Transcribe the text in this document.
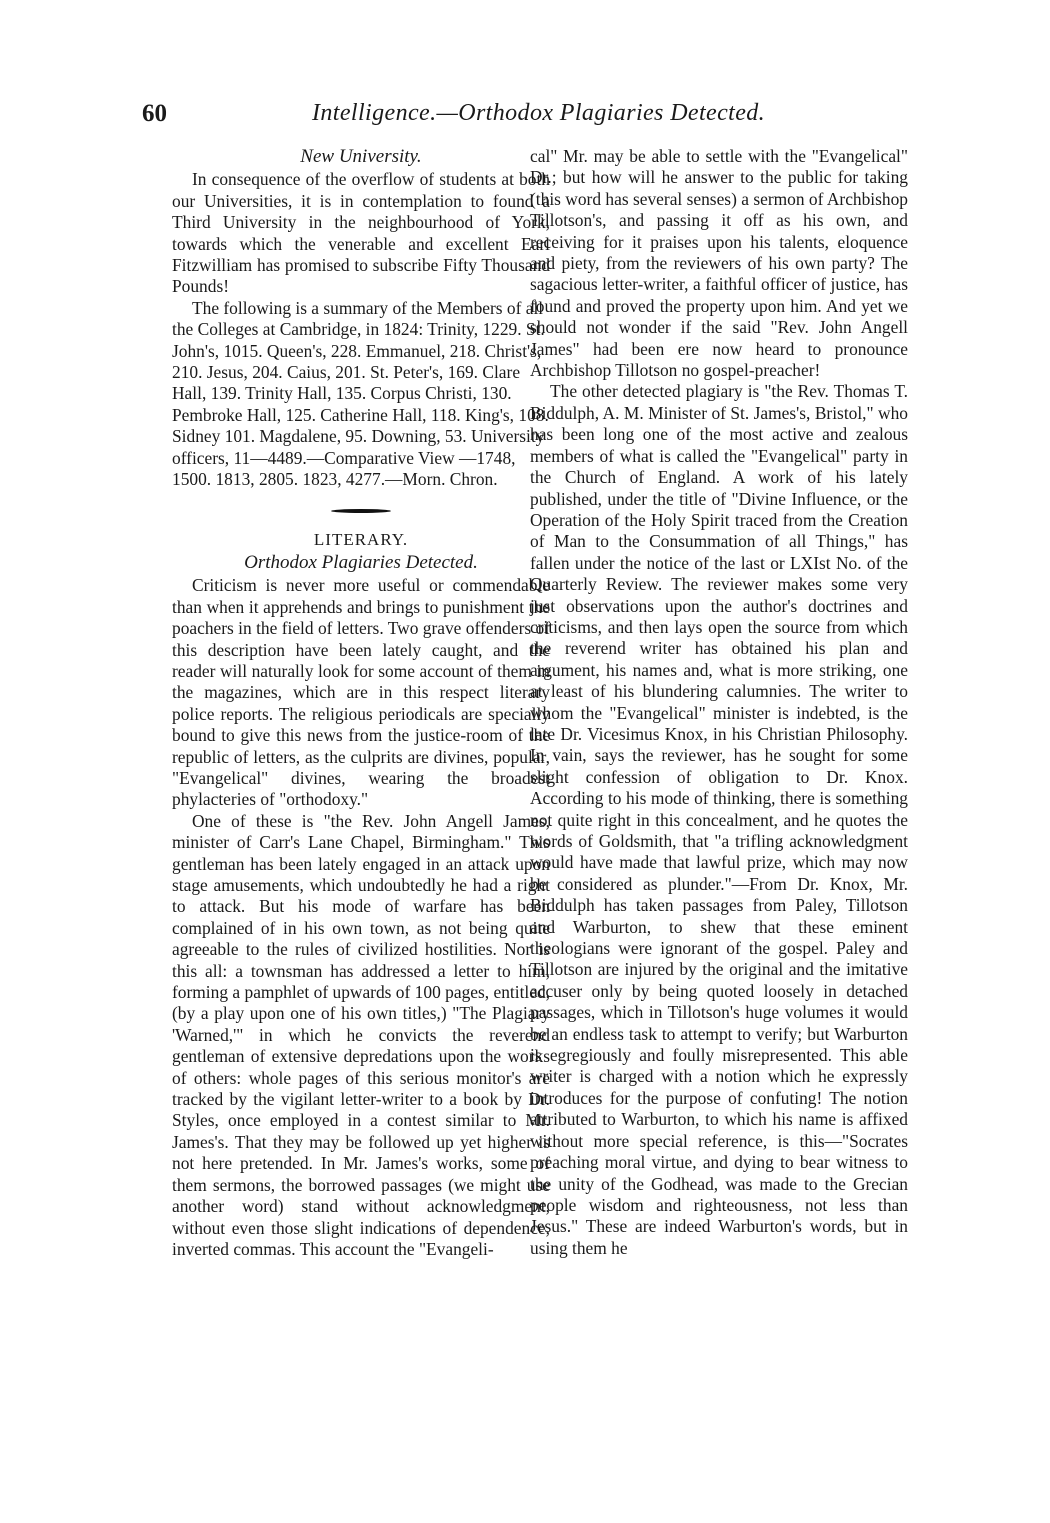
60	Intelligence.—Orthodox Plagiaries Detected.
New University.

In consequence of the overflow of students at both our Universities, it is in contemplation to found a Third University in the neighbourhood of York, towards which the venerable and excellent Earl Fitzwilliam has promised to subscribe Fifty Thousand Pounds!

The following is a summary of the Members of all the Colleges at Cambridge, in 1824: Trinity, 1229. St. John's, 1015. Queen's, 228. Emmanuel, 218. Christ's, 210. Jesus, 204. Caius, 201. St. Peter's, 169. Clare Hall, 139. Trinity Hall, 135. Corpus Christi, 130. Pembroke Hall, 125. Catherine Hall, 118. King's, 108. Sidney 101. Magdalene, 95. Downing, 53. University officers, 11—4489.—Comparative View —1748, 1500. 1813, 2805. 1823, 4277.—Morn. Chron.

LITERARY.
Orthodox Plagiaries Detected.

Criticism is never more useful or commendable than when it apprehends and brings to punishment the poachers in the field of letters. Two grave offenders of this description have been lately caught, and the reader will naturally look for some account of them in the magazines, which are in this respect literary police reports. The religious periodicals are specially bound to give this news from the justice-room of the republic of letters, as the culprits are divines, popular, "Evangelical" divines, wearing the broadest phylacteries of "orthodoxy."

One of these is "the Rev. John Angell James, minister of Carr's Lane Chapel, Birmingham." This gentleman has been lately engaged in an attack upon stage amusements, which undoubtedly he had a right to attack. But his mode of warfare has been complained of in his own town, as not being quite agreeable to the rules of civilized hostilities. Nor is this all: a townsman has addressed a letter to him, forming a pamphlet of upwards of 100 pages, entitled, (by a play upon one of his own titles,) "The Plagiary 'Warned,'" in which he convicts the reverend gentleman of extensive depredations upon the works of others: whole pages of this serious monitor's are tracked by the vigilant letter-writer to a book by Dr. Styles, once employed in a contest similar to Mr. James's. That they may be followed up yet higher is not here pretended. In Mr. James's works, some of them sermons, the borrowed passages (we might use another word) stand without acknowledgment, without even those slight indications of dependence, inverted commas. This account the "Evangeli-

cal" Mr. may be able to settle with the "Evangelical" Dr.; but how will he answer to the public for taking (this word has several senses) a sermon of Archbishop Tillotson's, and passing it off as his own, and receiving for it praises upon his talents, eloquence and piety, from the reviewers of his own party? The sagacious letter-writer, a faithful officer of justice, has found and proved the property upon him. And yet we should not wonder if the said "Rev. John Angell James" had been ere now heard to pronounce Archbishop Tillotson no gospel-preacher!

The other detected plagiary is "the Rev. Thomas T. Biddulph, A. M. Minister of St. James's, Bristol," who has been long one of the most active and zealous members of what is called the "Evangelical" party in the Church of England. A work of his lately published, under the title of "Divine Influence, or the Operation of the Holy Spirit traced from the Creation of Man to the Consummation of all Things," has fallen under the notice of the last or LXIst No. of the Quarterly Review. The reviewer makes some very just observations upon the author's doctrines and criticisms, and then lays open the source from which the reverend writer has obtained his plan and argument, his names and, what is more striking, one at least of his blundering calumnies. The writer to whom the "Evangelical" minister is indebted, is the late Dr. Vicesimus Knox, in his Christian Philosophy. In vain, says the reviewer, has he sought for some slight confession of obligation to Dr. Knox. According to his mode of thinking, there is something not quite right in this concealment, and he quotes the words of Goldsmith, that "a trifling acknowledgment would have made that lawful prize, which may now be considered as plunder."—From Dr. Knox, Mr. Biddulph has taken passages from Paley, Tillotson and Warburton, to shew that these eminent theologians were ignorant of the gospel. Paley and Tillotson are injured by the original and the imitative accuser only by being quoted loosely in detached passages, which in Tillotson's huge volumes it would be an endless task to attempt to verify; but Warburton is egregiously and foully misrepresented. This able writer is charged with a notion which he expressly introduces for the purpose of confuting! The notion attributed to Warburton, to which his name is affixed without more special reference, is this—"Socrates preaching moral virtue, and dying to bear witness to the unity of the Godhead, was made to the Grecian people wisdom and righteousness, not less than Jesus." These are indeed Warburton's words, but in using them he
